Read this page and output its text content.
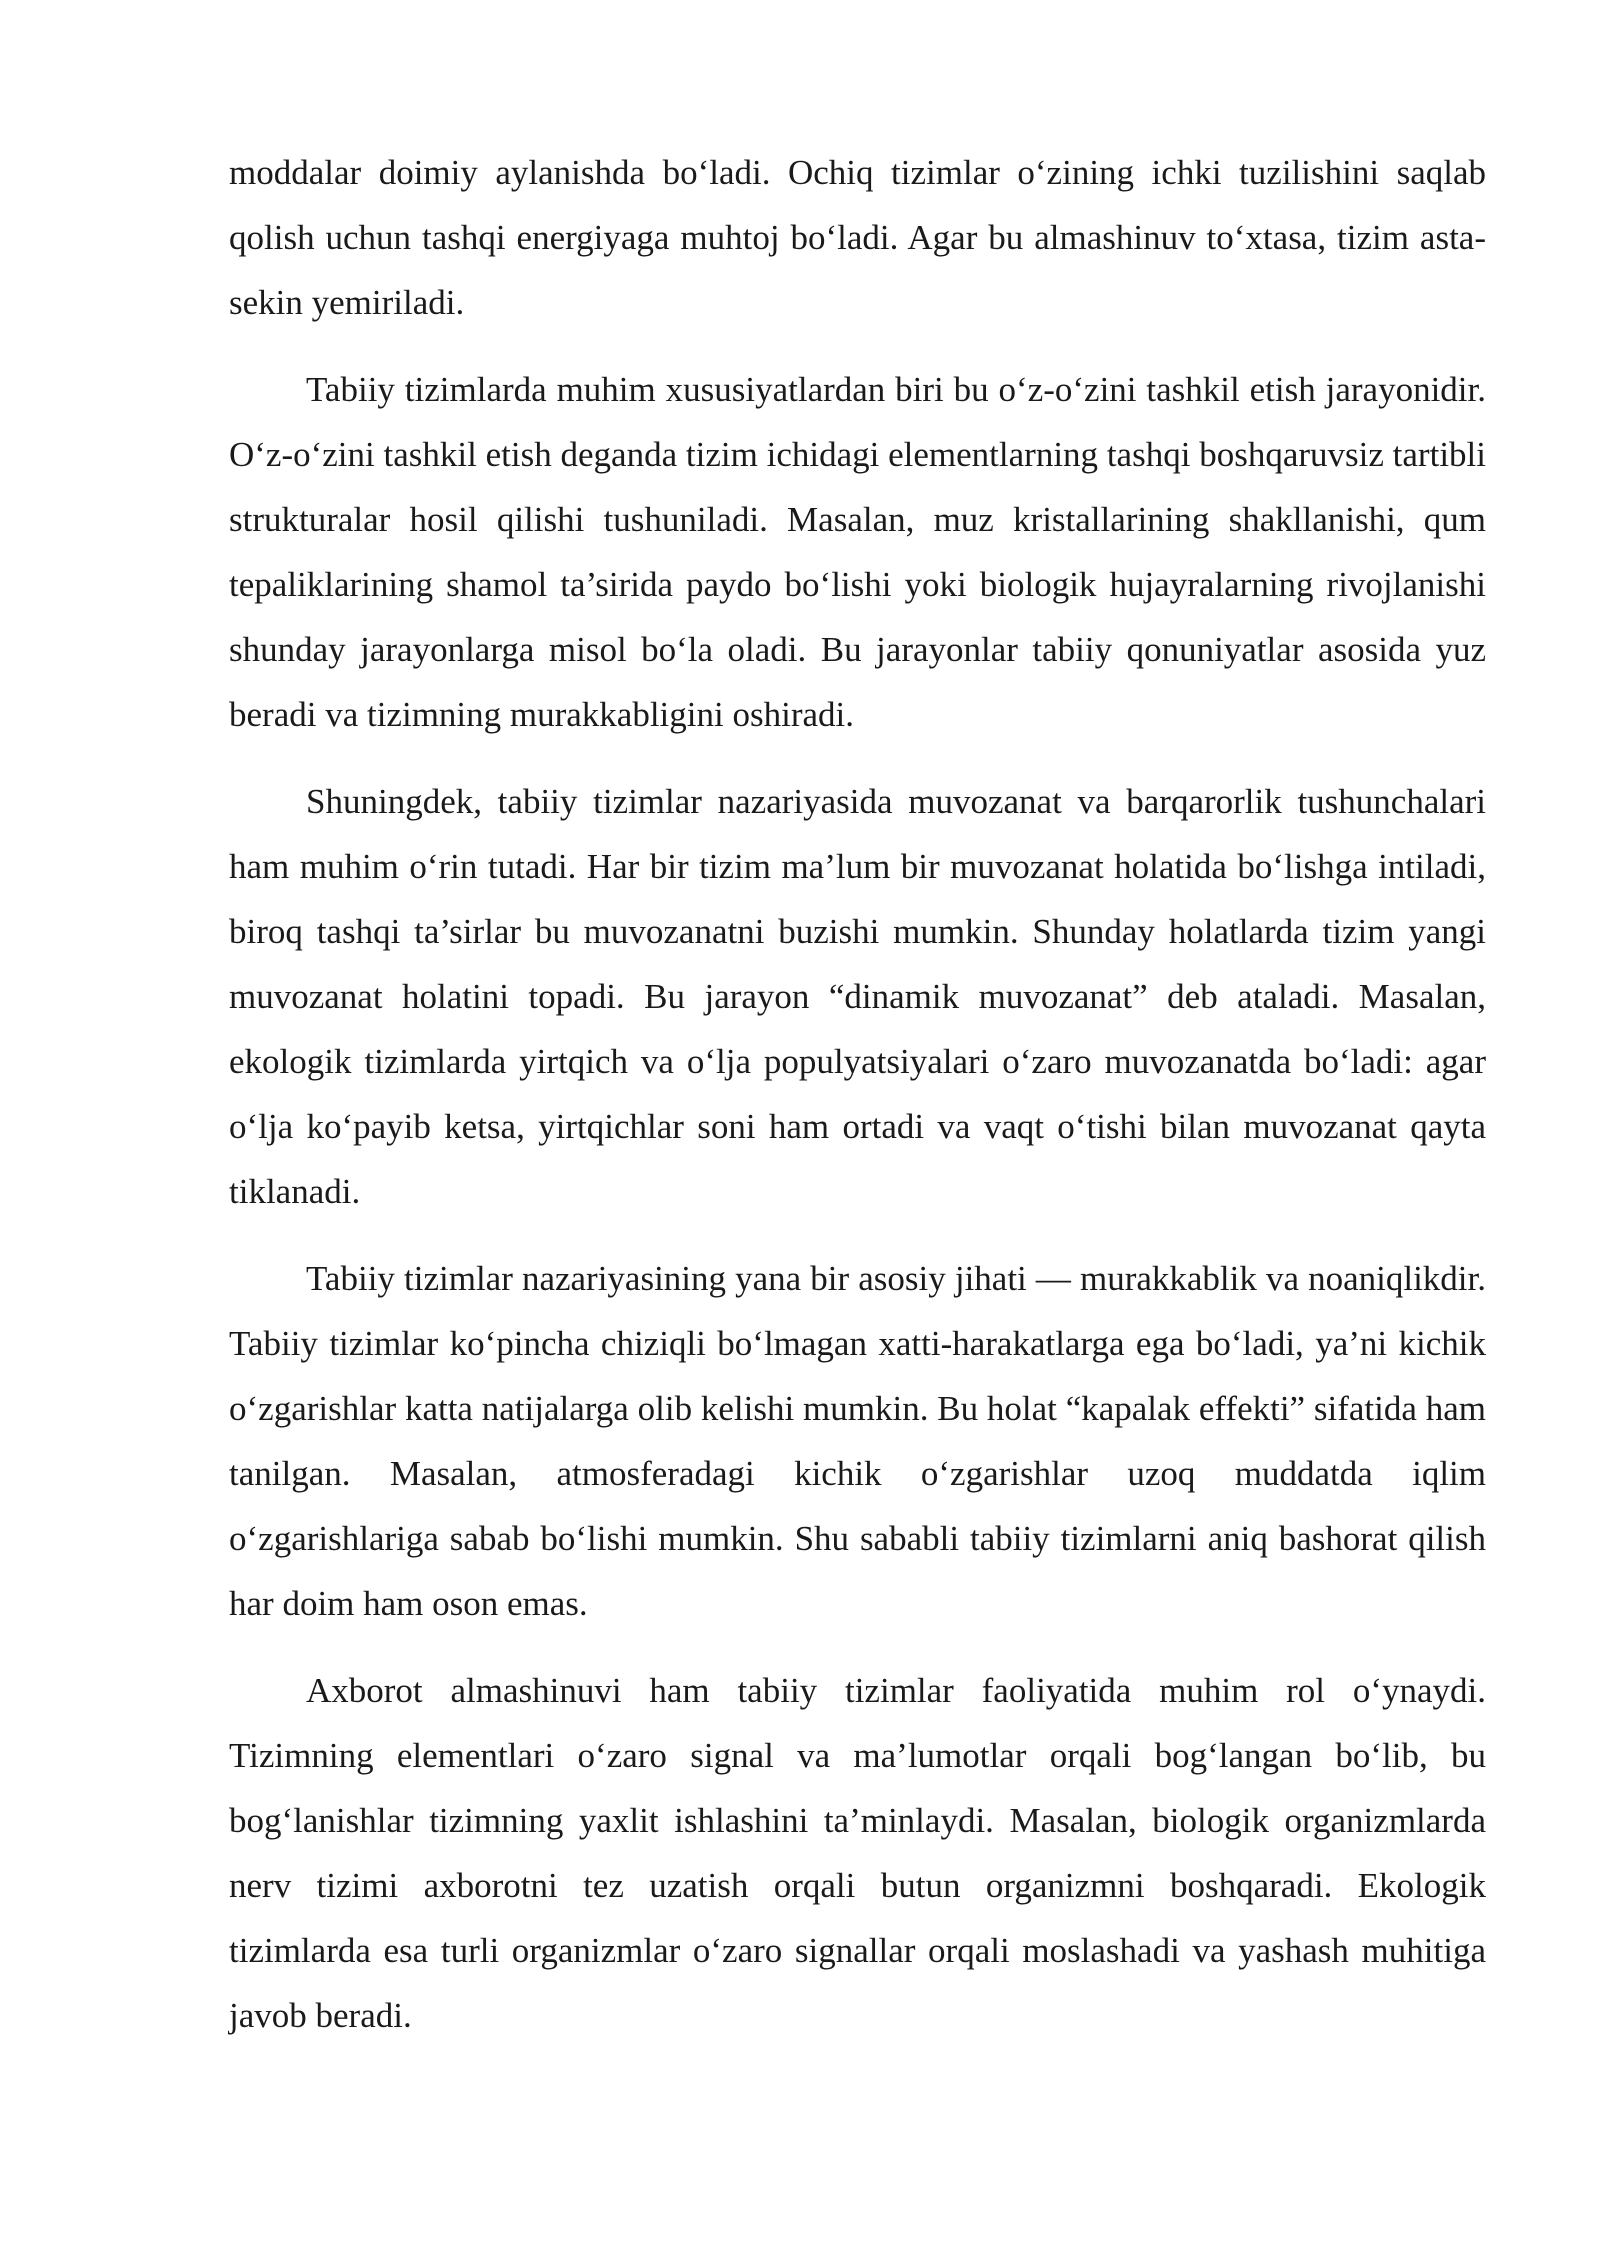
moddalar doimiy aylanishda bo‘ladi. Ochiq tizimlar o‘zining ichki tuzilishini saqlab qolish uchun tashqi energiyaga muhtoj bo‘ladi. Agar bu almashinuv to‘xtasa, tizim asta-sekin yemiriladi.

Tabiiy tizimlarda muhim xususiyatlardan biri bu o‘z-o‘zini tashkil etish jarayonidir. O‘z-o‘zini tashkil etish deganda tizim ichidagi elementlarning tashqi boshqaruvsiz tartibli strukturalar hosil qilishi tushuniladi. Masalan, muz kristallarining shakllanishi, qum tepaliklarining shamol ta’sirida paydo bo‘lishi yoki biologik hujayralarning rivojlanishi shunday jarayonlarga misol bo‘la oladi. Bu jarayonlar tabiiy qonuniyatlar asosida yuz beradi va tizimning murakkabligini oshiradi.

Shuningdek, tabiiy tizimlar nazariyasida muvozanat va barqarorlik tushunchalari ham muhim o‘rin tutadi. Har bir tizim ma’lum bir muvozanat holatida bo‘lishga intiladi, biroq tashqi ta’sirlar bu muvozanatni buzishi mumkin. Shunday holatlarda tizim yangi muvozanat holatini topadi. Bu jarayon “dinamik muvozanat” deb ataladi. Masalan, ekologik tizimlarda yirtqich va o‘lja populyatsiyalari o‘zaro muvozanatda bo‘ladi: agar o‘lja ko‘payib ketsa, yirtqichlar soni ham ortadi va vaqt o‘tishi bilan muvozanat qayta tiklanadi.

Tabiiy tizimlar nazariyasining yana bir asosiy jihati — murakkablik va noaniqlikdir. Tabiiy tizimlar ko‘pincha chiziqli bo‘lmagan xatti-harakatlarga ega bo‘ladi, ya’ni kichik o‘zgarishlar katta natijalarga olib kelishi mumkin. Bu holat “kapalak effekti” sifatida ham tanilgan. Masalan, atmosferadagi kichik o‘zgarishlar uzoq muddatda iqlim o‘zgarishlariga sabab bo‘lishi mumkin. Shu sababli tabiiy tizimlarni aniq bashorat qilish har doim ham oson emas.

Axborot almashinuvi ham tabiiy tizimlar faoliyatida muhim rol o‘ynaydi. Tizimning elementlari o‘zaro signal va ma’lumotlar orqali bog‘langan bo‘lib, bu bog‘lanishlar tizimning yaxlit ishlashini ta’minlaydi. Masalan, biologik organizmlarda nerv tizimi axborotni tez uzatish orqali butun organizmni boshqaradi. Ekologik tizimlarda esa turli organizmlar o‘zaro signallar orqali moslashadi va yashash muhitiga javob beradi.
